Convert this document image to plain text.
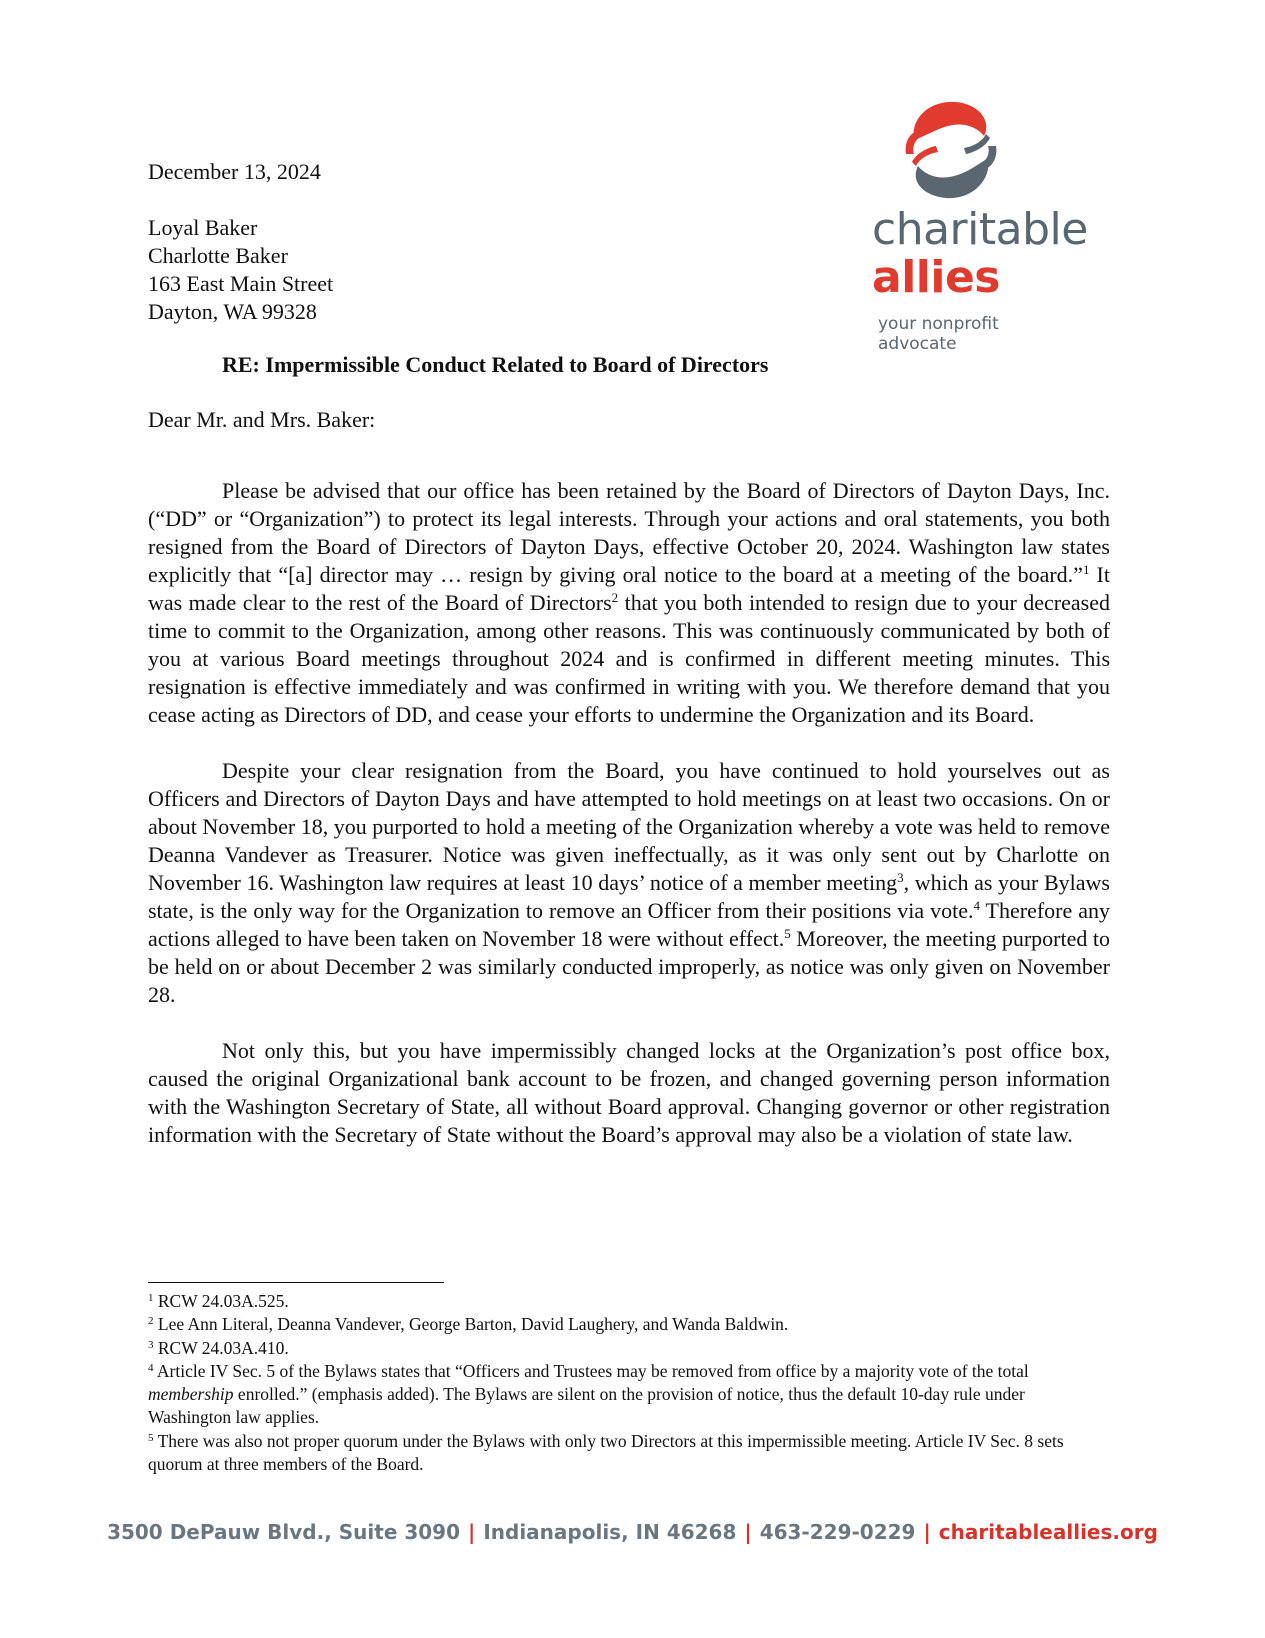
charitable
allies
your nonprofit advocate
December 13, 2024
Loyal Baker
Charlotte Baker
163 East Main Street
Dayton, WA 99328
RE: Impermissible Conduct Related to Board of Directors
Dear Mr. and Mrs. Baker:

Please be advised that our office has been retained by the Board of Directors of Dayton Days, Inc. (“DD” or “Organization”) to protect its legal interests. Through your actions and oral statements, you both resigned from the Board of Directors of Dayton Days, effective October 20, 2024. Washington law states explicitly that “[a] director may … resign by giving oral notice to the board at a meeting of the board.”$^1$ It was made clear to the rest of the Board of Directors$^2$ that you both intended to resign due to your decreased time to commit to the Organization, among other reasons. This was continuously communicated by both of you at various Board meetings throughout 2024 and is confirmed in different meeting minutes. This resignation is effective immediately and was confirmed in writing with you. We therefore demand that you cease acting as Directors of DD, and cease your efforts to undermine the Organization and its Board.

Despite your clear resignation from the Board, you have continued to hold yourselves out as Officers and Directors of Dayton Days and have attempted to hold meetings on at least two occasions. On or about November 18, you purported to hold a meeting of the Organization whereby a vote was held to remove Deanna Vandever as Treasurer. Notice was given ineffectually, as it was only sent out by Charlotte on November 16. Washington law requires at least 10 days’ notice of a member meeting$^3$, which as your Bylaws state, is the only way for the Organization to remove an Officer from their positions via vote.$^4$ Therefore any actions alleged to have been taken on November 18 were without effect.$^5$ Moreover, the meeting purported to be held on or about December 2 was similarly conducted improperly, as notice was only given on November 28.

Not only this, but you have impermissibly changed locks at the Organization’s post office box, caused the original Organizational bank account to be frozen, and changed governing person information with the Washington Secretary of State, all without Board approval. Changing governor or other registration information with the Secretary of State without the Board’s approval may also be a violation of state law.

$^1$ RCW 24.03A.525.

$^2$ Lee Ann Literal, Deanna Vandever, George Barton, David Laughery, and Wanda Baldwin.

$^3$ RCW 24.03A.410.

$^4$ Article IV Sec. 5 of the Bylaws states that “Officers and Trustees may be removed from office by a majority vote of the total membership enrolled.” (emphasis added). The Bylaws are silent on the provision of notice, thus the default 10-day rule under Washington law applies.

$^5$ There was also not proper quorum under the Bylaws with only two Directors at this impermissible meeting. Article IV Sec. 8 sets quorum at three members of the Board.

3500 DePauw Blvd., Suite 3090 | Indianapolis, IN 46268 | 463-229-0229 | charitableallies.org
